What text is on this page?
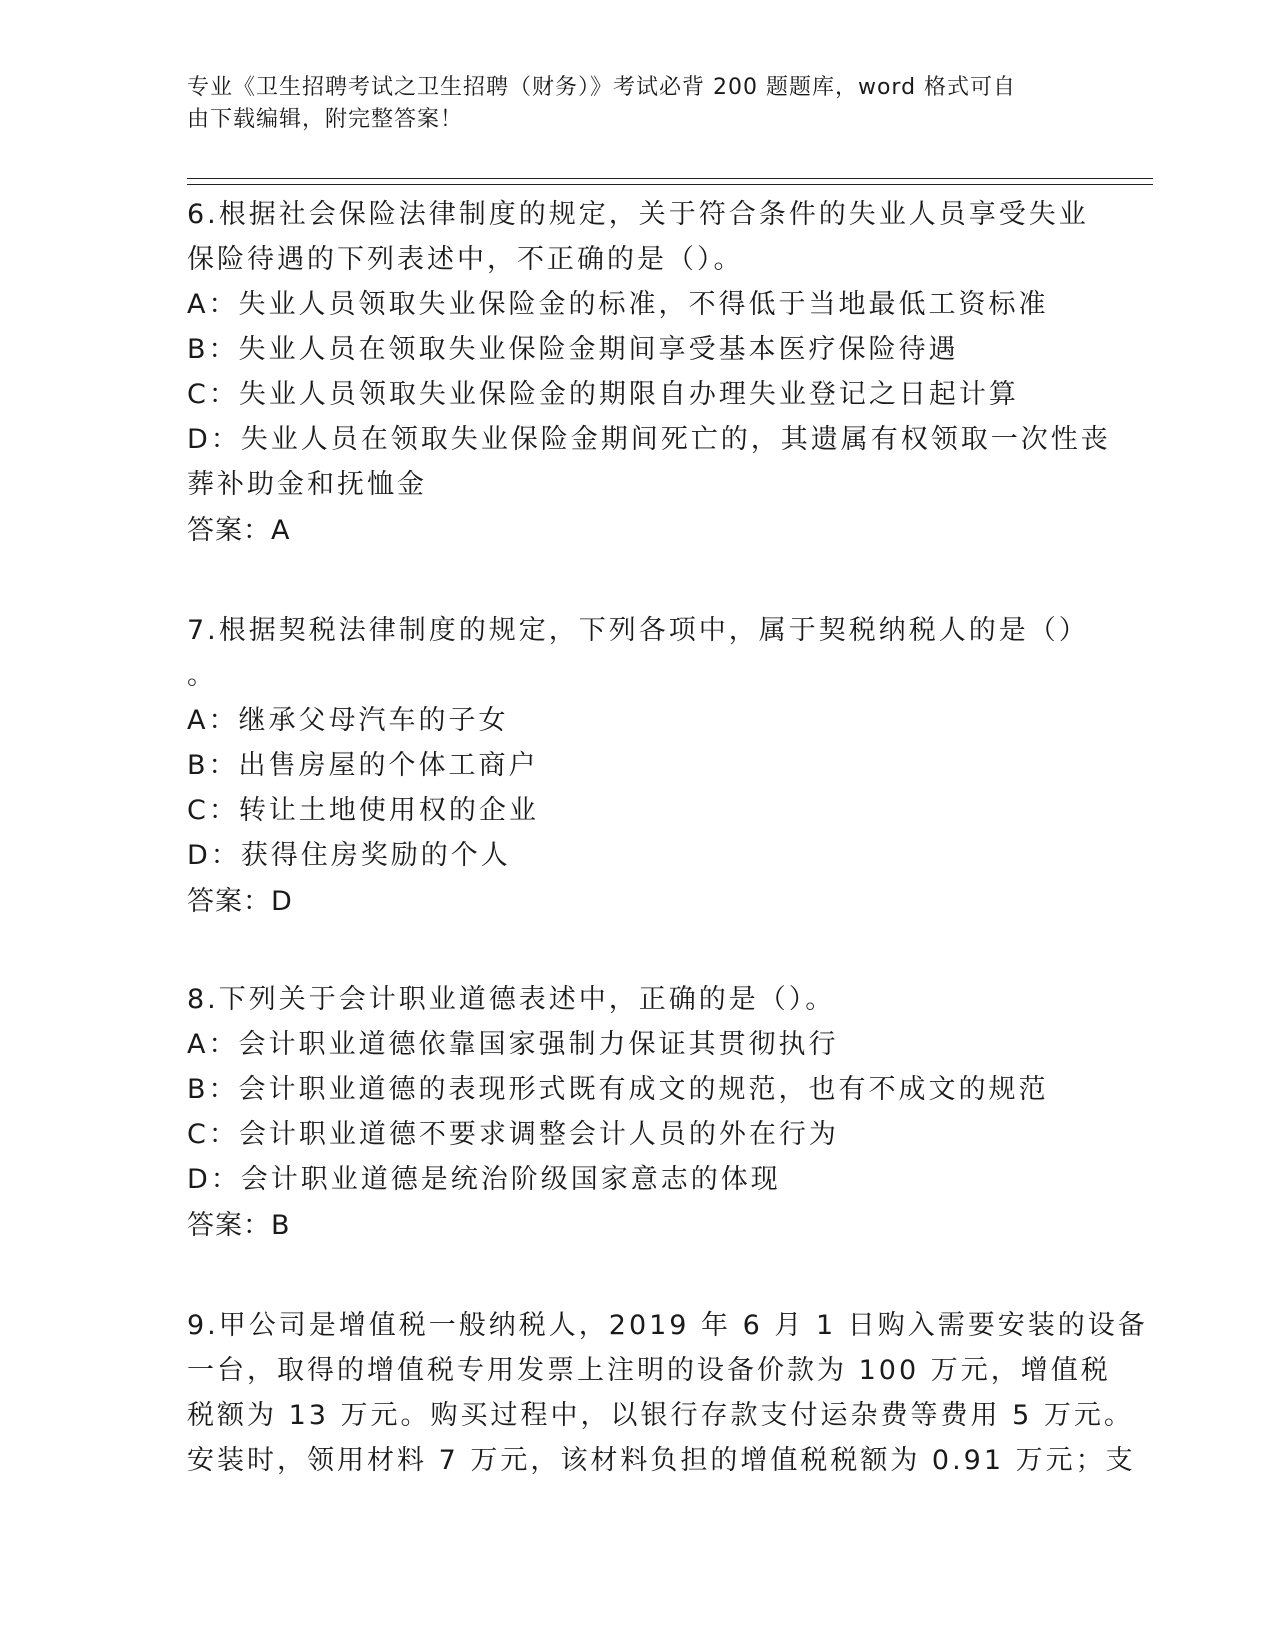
专业《卫生招聘考试之卫生招聘（财务）》考试必背 200 题题库，word 格式可自
由下载编辑，附完整答案！
6.根据社会保险法律制度的规定，关于符合条件的失业人员享受失业
保险待遇的下列表述中，不正确的是（）。
A：失业人员领取失业保险金的标准，不得低于当地最低工资标准
B：失业人员在领取失业保险金期间享受基本医疗保险待遇
C：失业人员领取失业保险金的期限自办理失业登记之日起计算
D：失业人员在领取失业保险金期间死亡的，其遗属有权领取一次性丧
葬补助金和抚恤金
答案：A
7.根据契税法律制度的规定，下列各项中，属于契税纳税人的是（）
。
A：继承父母汽车的子女
B：出售房屋的个体工商户
C：转让土地使用权的企业
D：获得住房奖励的个人
答案：D
8.下列关于会计职业道德表述中，正确的是（）。
A：会计职业道德依靠国家强制力保证其贯彻执行
B：会计职业道德的表现形式既有成文的规范，也有不成文的规范
C：会计职业道德不要求调整会计人员的外在行为
D：会计职业道德是统治阶级国家意志的体现
答案：B
9.甲公司是增值税一般纳税人，2019 年 6 月 1 日购入需要安装的设备
一台，取得的增值税专用发票上注明的设备价款为 100 万元，增值税
税额为 13 万元。购买过程中，以银行存款支付运杂费等费用 5 万元。
安装时，领用材料 7 万元，该材料负担的增值税税额为 0.91 万元；支
